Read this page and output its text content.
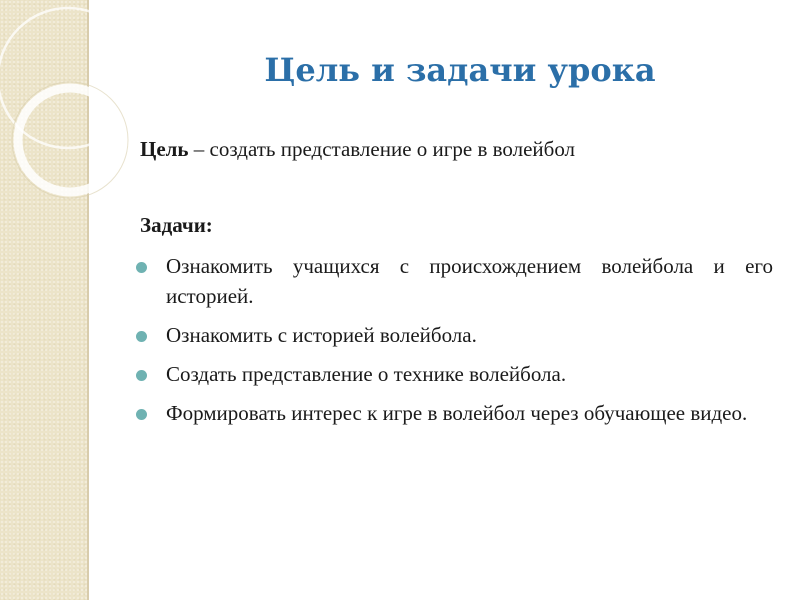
Цель и задачи урока
Цель – создать представление о игре в волейбол
Задачи:
Ознакомить учащихся с происхождением волейбола и его историей.
Ознакомить с историей волейбола.
Создать представление о технике волейбола.
Формировать интерес к игре в волейбол через обучающее видео.
